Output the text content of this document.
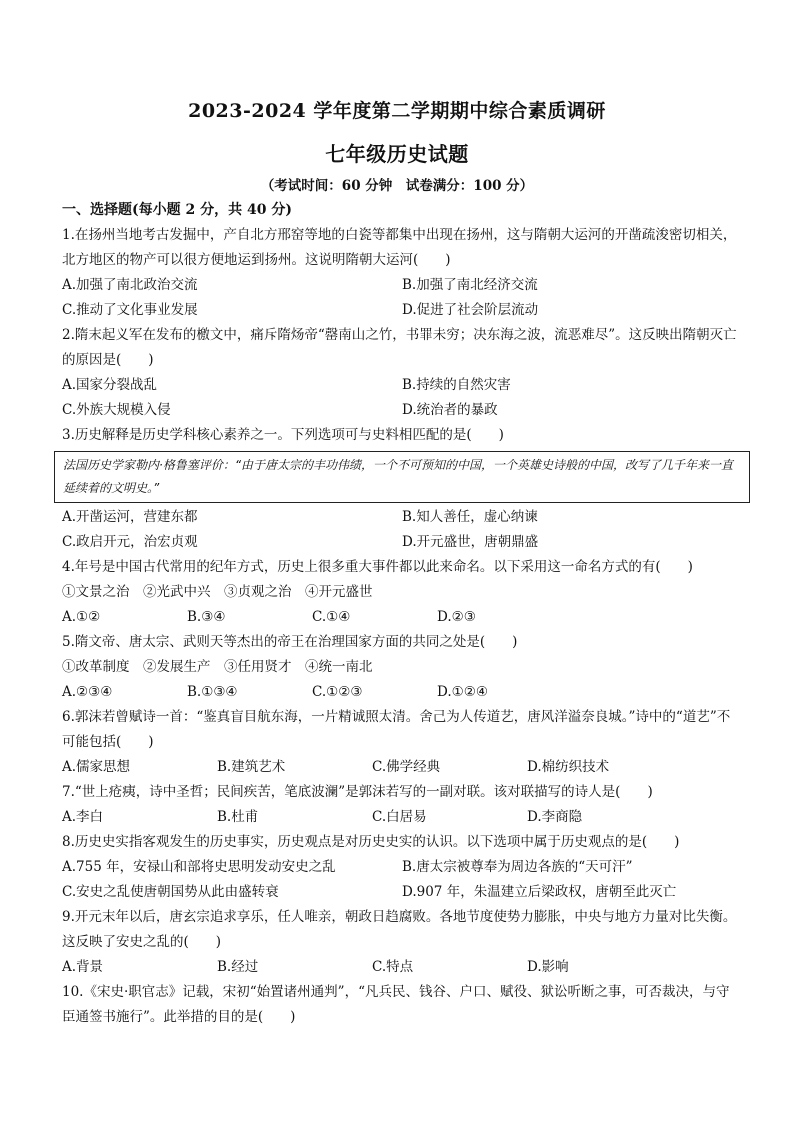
2023-2024 学年度第二学期期中综合素质调研
七年级历史试题
（考试时间：60 分钟　试卷满分：100 分）
一、选择题(每小题 2 分，共 40 分)

1.在扬州当地考古发掘中，产自北方邢窑等地的白瓷等都集中出现在扬州，这与隋朝大运河的开凿疏浚密切相关，北方地区的物产可以很方便地运到扬州。这说明隋朝大运河(　　)

A.加强了南北政治交流	B.加强了南北经济交流
C.推动了文化事业发展	D.促进了社会阶层流动

2.隋末起义军在发布的檄文中，痛斥隋炀帝“罄南山之竹，书罪未穷；决东海之波，流恶难尽”。这反映出隋朝灭亡的原因是(　　)

A.国家分裂战乱	B.持续的自然灾害
C.外族大规模入侵	D.统治者的暴政

3.历史解释是历史学科核心素养之一。下列选项可与史料相匹配的是(　　)

法国历史学家勒内·格鲁塞评价：“由于唐太宗的丰功伟绩，一个不可预知的中国，一个英雄史诗般的中国，改写了几千年来一直延续着的文明史。”
A.开凿运河，营建东都	B.知人善任，虚心纳谏
C.政启开元，治宏贞观	D.开元盛世，唐朝鼎盛

4.年号是中国古代常用的纪年方式，历史上很多重大事件都以此来命名。以下采用这一命名方式的有(　　)

①文景之治　②光武中兴　③贞观之治　④开元盛世

A.①②	B.③④	C.①④	D.②③

5.隋文帝、唐太宗、武则天等杰出的帝王在治理国家方面的共同之处是(　　)

①改革制度　②发展生产　③任用贤才　④统一南北

A.②③④	B.①③④	C.①②③	D.①②④

6.郭沫若曾赋诗一首：“鉴真盲目航东海，一片精诚照太清。舍己为人传道艺，唐风洋溢奈良城。”诗中的“道艺”不可能包括(　　)

A.儒家思想	B.建筑艺术	C.佛学经典	D.棉纺织技术

7.“世上疮痍，诗中圣哲；民间疾苦，笔底波澜”是郭沫若写的一副对联。该对联描写的诗人是(　　)

A.李白	B.杜甫	C.白居易	D.李商隐

8.历史史实指客观发生的历史事实，历史观点是对历史史实的认识。以下选项中属于历史观点的是(　　)

A.755 年，安禄山和部将史思明发动安史之乱	B.唐太宗被尊奉为周边各族的“天可汗”
C.安史之乱使唐朝国势从此由盛转衰	D.907 年，朱温建立后梁政权，唐朝至此灭亡

9.开元末年以后，唐玄宗追求享乐，任人唯亲，朝政日趋腐败。各地节度使势力膨胀，中央与地方力量对比失衡。这反映了安史之乱的(　　)

A.背景	B.经过	C.特点	D.影响

10.《宋史·职官志》记载，宋初“始置诸州通判”，“凡兵民、钱谷、户口、赋役、狱讼听断之事，可否裁决，与守臣通签书施行”。此举措的目的是(　　)
